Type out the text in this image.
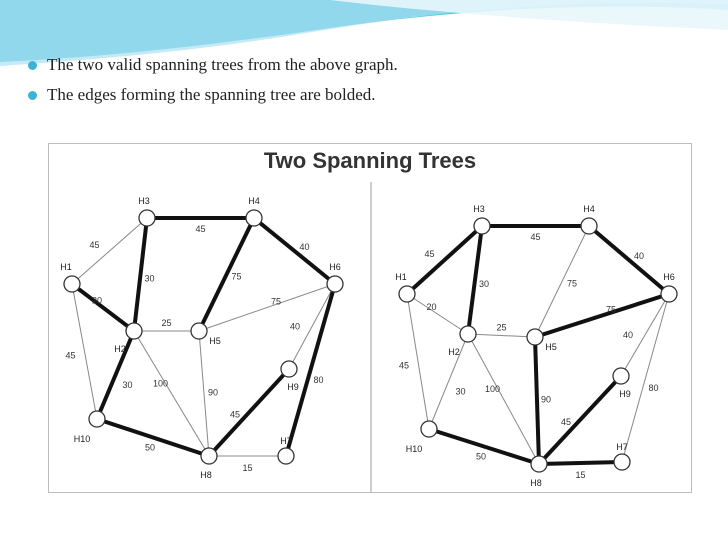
The two valid spanning trees from the above graph.
The edges forming the spanning tree are bolded.
Two Spanning Trees
45
40
45
30	75
75
20
25	40
45
30 100
90
45
80
50
15
H1
H2
H3	H4
H5
H6
H7
H8
H9
H10
45
40
45
30	75
75
20
25
40
45
30 100
90
45
80
50
15
H1
H2
H3	H4
H5
H6
H7
H8
H9
H10
